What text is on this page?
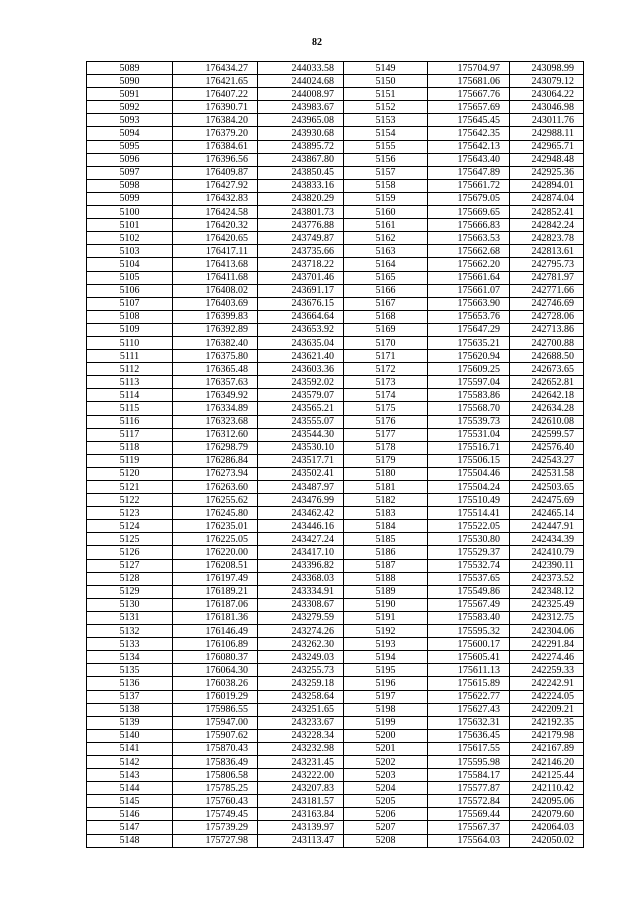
82
5089	176434.27	244033.58	5149	175704.97	243098.99
5090	176421.65	244024.68	5150	175681.06	243079.12
5091	176407.22	244008.97	5151	175667.76	243064.22
5092	176390.71	243983.67	5152	175657.69	243046.98
5093	176384.20	243965.08	5153	175645.45	243011.76
5094	176379.20	243930.68	5154	175642.35	242988.11
5095	176384.61	243895.72	5155	175642.13	242965.71
5096	176396.56	243867.80	5156	175643.40	242948.48
5097	176409.87	243850.45	5157	175647.89	242925.36
5098	176427.92	243833.16	5158	175661.72	242894.01
5099	176432.83	243820.29	5159	175679.05	242874.04
5100	176424.58	243801.73	5160	175669.65	242852.41
5101	176420.32	243776.88	5161	175666.83	242842.24
5102	176420.65	243749.87	5162	175663.53	242823.78
5103	176417.11	243735.66	5163	175662.68	242813.61
5104	176413.68	243718.22	5164	175662.20	242795.73
5105	176411.68	243701.46	5165	175661.64	242781.97
5106	176408.02	243691.17	5166	175661.07	242771.66
5107	176403.69	243676.15	5167	175663.90	242746.69
5108	176399.83	243664.64	5168	175653.76	242728.06
5109	176392.89	243653.92	5169	175647.29	242713.86
5110	176382.40	243635.04	5170	175635.21	242700.88
5111	176375.80	243621.40	5171	175620.94	242688.50
5112	176365.48	243603.36	5172	175609.25	242673.65
5113	176357.63	243592.02	5173	175597.04	242652.81
5114	176349.92	243579.07	5174	175583.86	242642.18
5115	176334.89	243565.21	5175	175568.70	242634.28
5116	176323.68	243555.07	5176	175539.73	242610.08
5117	176312.60	243544.30	5177	175531.04	242599.57
5118	176298.79	243530.10	5178	175516.71	242576.40
5119	176286.84	243517.71	5179	175506.15	242543.27
5120	176273.94	243502.41	5180	175504.46	242531.58
5121	176263.60	243487.97	5181	175504.24	242503.65
5122	176255.62	243476.99	5182	175510.49	242475.69
5123	176245.80	243462.42	5183	175514.41	242465.14
5124	176235.01	243446.16	5184	175522.05	242447.91
5125	176225.05	243427.24	5185	175530.80	242434.39
5126	176220.00	243417.10	5186	175529.37	242410.79
5127	176208.51	243396.82	5187	175532.74	242390.11
5128	176197.49	243368.03	5188	175537.65	242373.52
5129	176189.21	243334.91	5189	175549.86	242348.12
5130	176187.06	243308.67	5190	175567.49	242325.49
5131	176181.36	243279.59	5191	175583.40	242312.75
5132	176146.49	243274.26	5192	175595.32	242304.06
5133	176106.89	243262.30	5193	175600.17	242291.84
5134	176080.37	243249.03	5194	175605.41	242274.46
5135	176064.30	243255.73	5195	175611.13	242259.33
5136	176038.26	243259.18	5196	175615.89	242242.91
5137	176019.29	243258.64	5197	175622.77	242224.05
5138	175986.55	243251.65	5198	175627.43	242209.21
5139	175947.00	243233.67	5199	175632.31	242192.35
5140	175907.62	243228.34	5200	175636.45	242179.98
5141	175870.43	243232.98	5201	175617.55	242167.89
5142	175836.49	243231.45	5202	175595.98	242146.20
5143	175806.58	243222.00	5203	175584.17	242125.44
5144	175785.25	243207.83	5204	175577.87	242110.42
5145	175760.43	243181.57	5205	175572.84	242095.06
5146	175749.45	243163.84	5206	175569.44	242079.60
5147	175739.29	243139.97	5207	175567.37	242064.03
5148	175727.98	243113.47	5208	175564.03	242050.02
